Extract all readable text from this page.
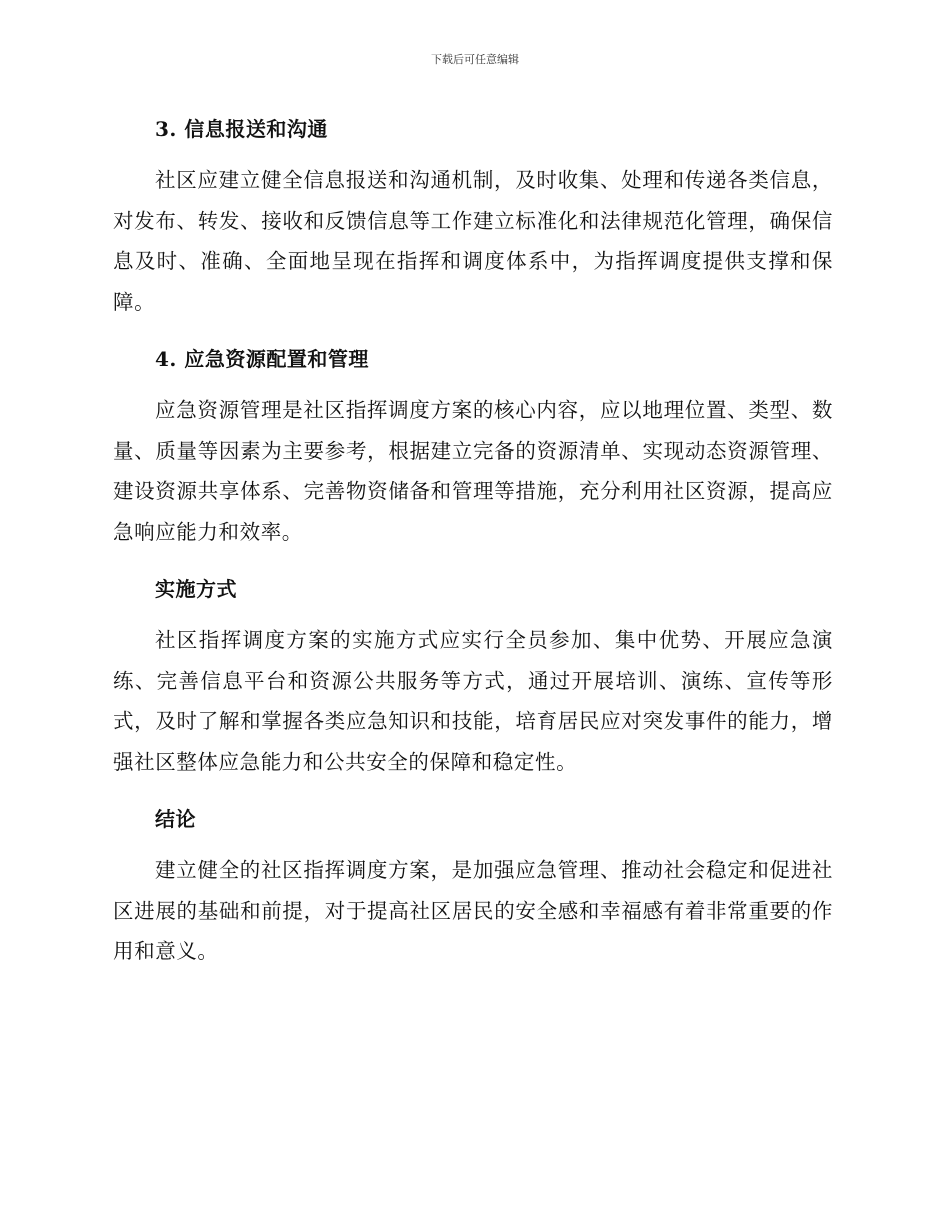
下载后可任意编辑
3. 信息报送和沟通

社区应建立健全信息报送和沟通机制，及时收集、处理和传递各类信息，对发布、转发、接收和反馈信息等工作建立标准化和法律规范化管理，确保信息及时、准确、全面地呈现在指挥和调度体系中，为指挥调度提供支撑和保障。

4. 应急资源配置和管理

应急资源管理是社区指挥调度方案的核心内容，应以地理位置、类型、数量、质量等因素为主要参考，根据建立完备的资源清单、实现动态资源管理、建设资源共享体系、完善物资储备和管理等措施，充分利用社区资源，提高应急响应能力和效率。

实施方式

社区指挥调度方案的实施方式应实行全员参加、集中优势、开展应急演练、完善信息平台和资源公共服务等方式，通过开展培训、演练、宣传等形式，及时了解和掌握各类应急知识和技能，培育居民应对突发事件的能力，增强社区整体应急能力和公共安全的保障和稳定性。

结论

建立健全的社区指挥调度方案，是加强应急管理、推动社会稳定和促进社区进展的基础和前提，对于提高社区居民的安全感和幸福感有着非常重要的作用和意义。
